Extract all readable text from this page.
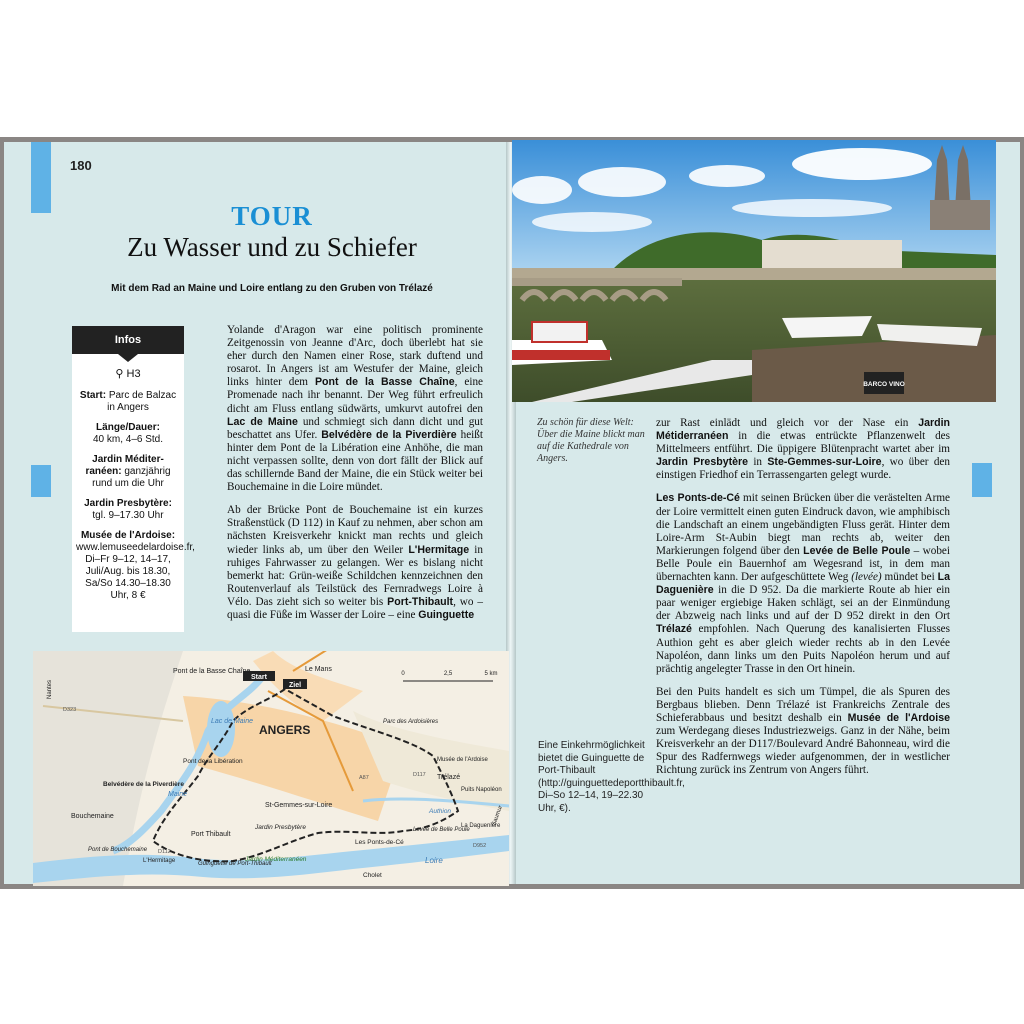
180
TOUR
Zu Wasser und zu Schiefer
Mit dem Rad an Maine und Loire entlang zu den Gruben von Trélazé
Infos
⚲ H3
Start: Parc de Balzac in Angers
Länge/Dauer:
40 km, 4–6 Std.
Jardin Méditerranéen: ganzjährig rund um die Uhr
Jardin Presbytère:
tgl. 9–17.30 Uhr
Musée de l'Ardoise:
www.lemuseedelardoise.fr, Di–Fr 9–12, 14–17, Juli/Aug. bis 18.30, Sa/So 14.30–18.30 Uhr, 8 €

Yolande d'Aragon war eine politisch prominente Zeitgenossin von Jeanne d'Arc, doch überlebt hat sie eher durch den Namen einer Rose, stark duftend und rosarot. In Angers ist am Westufer der Maine, gleich links hinter dem Pont de la Basse Chaîne, eine Promenade nach ihr benannt. Der Weg führt erfreulich dicht am Fluss entlang südwärts, umkurvt autofrei den Lac de Maine und schmiegt sich dann dicht und gut beschattet ans Ufer. Belvédère de la Piverdière heißt hinter dem Pont de la Libération eine Anhöhe, die man nicht verpassen sollte, denn von dort fällt der Blick auf das schillernde Band der Maine, die ein Stück weiter bei Bouchemaine in die Loire mündet.

Ab der Brücke Pont de Bouchemaine ist ein kurzes Straßenstück (D 112) in Kauf zu nehmen, aber schon am nächsten Kreisverkehr knickt man rechts und gleich wieder links ab, um über den Weiler L'Hermitage in ruhiges Fahrwasser zu gelangen. Wer es bislang nicht bemerkt hat: Grün-weiße Schildchen kennzeichnen den Routenverlauf als Teilstück des Fernradwegs Loire à Vélo. Das zieht sich so weiter bis Port-Thibault, wo – quasi die Füße im Wasser der Loire – eine Guinguette

Start
Ziel
Pont de la Basse Chaîne	Le Mans
ANGERS
Lac de Maine
Maine
Pont de la Libération
Belvédère de la Piverdière
Bouchemaine
Pont de Bouchemaine
L'Hermitage	Guinguette de Port-Thibault
Port Thibault
Jardin Méditerranéen
St-Gemmes-sur-Loire
Jardin Presbytère
Les Ponts-de-Cé
Cholet
Loire
Authion
Levée de Belle Poule
La Daguenière
Puits Napoléon
Musée de l'Ardoise
Trélazé
Parc des Ardoisières
Nantes
Saumur
D112
D952
A87
D323
D117
0	2,5	5 km
BARCO VINO
Zu schön für diese Welt: Über die Maine blickt man auf die Kathedrale von Angers.
Eine Einkehrmöglichkeit bietet die Guinguette de Port-Thibault (http://guinguettedeportthibault.fr, Di–So 12–14, 19–22.30 Uhr, €).

zur Rast einlädt und gleich vor der Nase ein Jardin Métiderranéen in die etwas entrückte Pflanzenwelt des Mittelmeers entführt. Die üppigere Blütenpracht wartet aber im Jardin Presbytère in Ste-Gemmes-sur-Loire, wo über den einstigen Friedhof ein Terrassengarten gelegt wurde.

Les Ponts-de-Cé mit seinen Brücken über die verästelten Arme der Loire vermittelt einen guten Eindruck davon, wie amphibisch die Landschaft an einem ungebändigten Fluss gerät. Hinter dem Loire-Arm St-Aubin biegt man rechts ab, weiter den Markierungen folgend über den Levée de Belle Poule – wobei Belle Poule ein Bauernhof am Wegesrand ist, in dem man übernachten kann. Der aufgeschüttete Weg (levée) mündet bei La Daguenière in die D 952. Da die markierte Route ab hier ein paar weniger ergiebige Haken schlägt, sei an der Einmündung der Abzweig nach links und auf der D 952 direkt in den Ort Trélazé empfohlen. Nach Querung des kanalisierten Flusses Authion geht es aber gleich wieder rechts ab in den Levée Napoléon, dann links um den Puits Napoléon herum und auf prächtig angelegter Trasse in den Ort hinein.

Bei den Puits handelt es sich um Tümpel, die als Spuren des Bergbaus blieben. Denn Trélazé ist Frankreichs Zentrale des Schieferabbaus und besitzt deshalb ein Musée de l'Ardoise zum Werdegang dieses Industriezweigs. Ganz in der Nähe, beim Kreisverkehr an der D117/Boulevard André Bahonneau, wird die Spur des Radfernwegs wieder aufgenommen, der in westlicher Richtung zurück ins Zentrum von Angers führt.
